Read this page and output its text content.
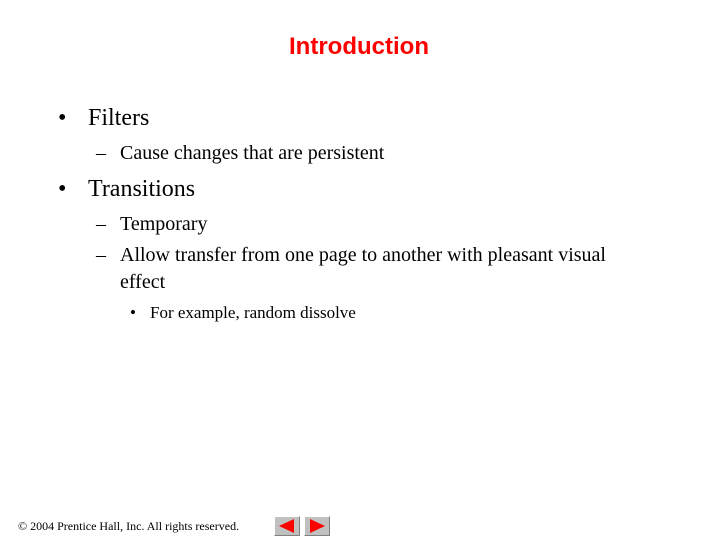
Introduction
• Filters
– Cause changes that are persistent
• Transitions
– Temporary
– Allow transfer from one page to another with pleasant visual
effect
• For example, random dissolve
© 2004 Prentice Hall, Inc. All rights reserved.
